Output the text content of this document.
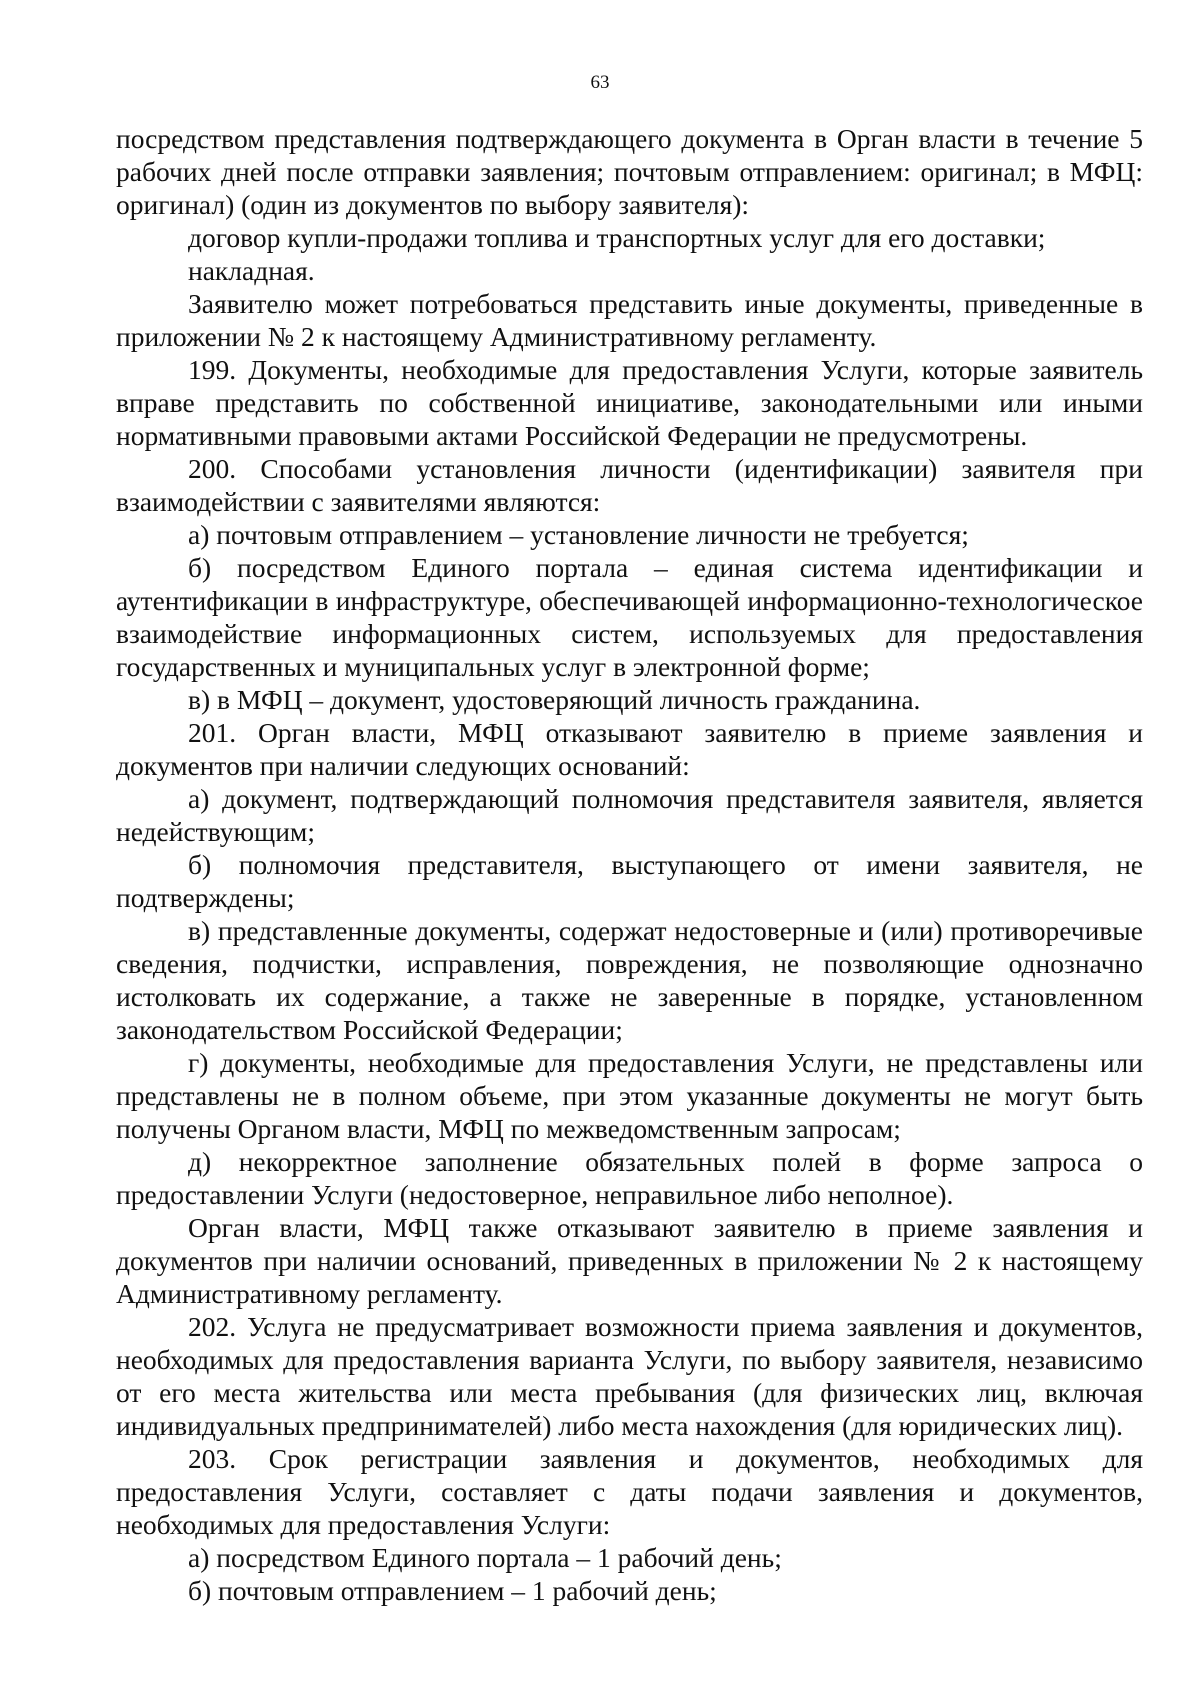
63

посредством представления подтверждающего документа в Орган власти в течение 5 рабочих дней после отправки заявления; почтовым отправлением: оригинал; в МФЦ: оригинал) (один из документов по выбору заявителя):

договор купли-продажи топлива и транспортных услуг для его доставки;

накладная.

Заявителю может потребоваться представить иные документы, приведенные в приложении № 2 к настоящему Административному регламенту.

199. Документы, необходимые для предоставления Услуги, которые заявитель вправе представить по собственной инициативе, законодательными или иными нормативными правовыми актами Российской Федерации не предусмотрены.

200. Способами установления личности (идентификации) заявителя при взаимодействии с заявителями являются:

а) почтовым отправлением – установление личности не требуется;

б) посредством Единого портала – единая система идентификации и аутентификации в инфраструктуре, обеспечивающей информационно-технологическое взаимодействие информационных систем, используемых для предоставления государственных и муниципальных услуг в электронной форме;

в) в МФЦ – документ, удостоверяющий личность гражданина.

201. Орган власти, МФЦ отказывают заявителю в приеме заявления и документов при наличии следующих оснований:

а) документ, подтверждающий полномочия представителя заявителя, является недействующим;

б) полномочия представителя, выступающего от имени заявителя, не подтверждены;

в) представленные документы, содержат недостоверные и (или) противоречивые сведения, подчистки, исправления, повреждения, не позволяющие однозначно истолковать их содержание, а также не заверенные в порядке, установленном законодательством Российской Федерации;

г) документы, необходимые для предоставления Услуги, не представлены или представлены не в полном объеме, при этом указанные документы не могут быть получены Органом власти, МФЦ по межведомственным запросам;

д) некорректное заполнение обязательных полей в форме запроса о предоставлении Услуги (недостоверное, неправильное либо неполное).

Орган власти, МФЦ также отказывают заявителю в приеме заявления и документов при наличии оснований, приведенных в приложении № 2 к настоящему Административному регламенту.

202. Услуга не предусматривает возможности приема заявления и документов, необходимых для предоставления варианта Услуги, по выбору заявителя, независимо от его места жительства или места пребывания (для физических лиц, включая индивидуальных предпринимателей) либо места нахождения (для юридических лиц).

203. Срок регистрации заявления и документов, необходимых для предоставления Услуги, составляет с даты подачи заявления и документов, необходимых для предоставления Услуги:

а) посредством Единого портала – 1 рабочий день;

б) почтовым отправлением – 1 рабочий день;
